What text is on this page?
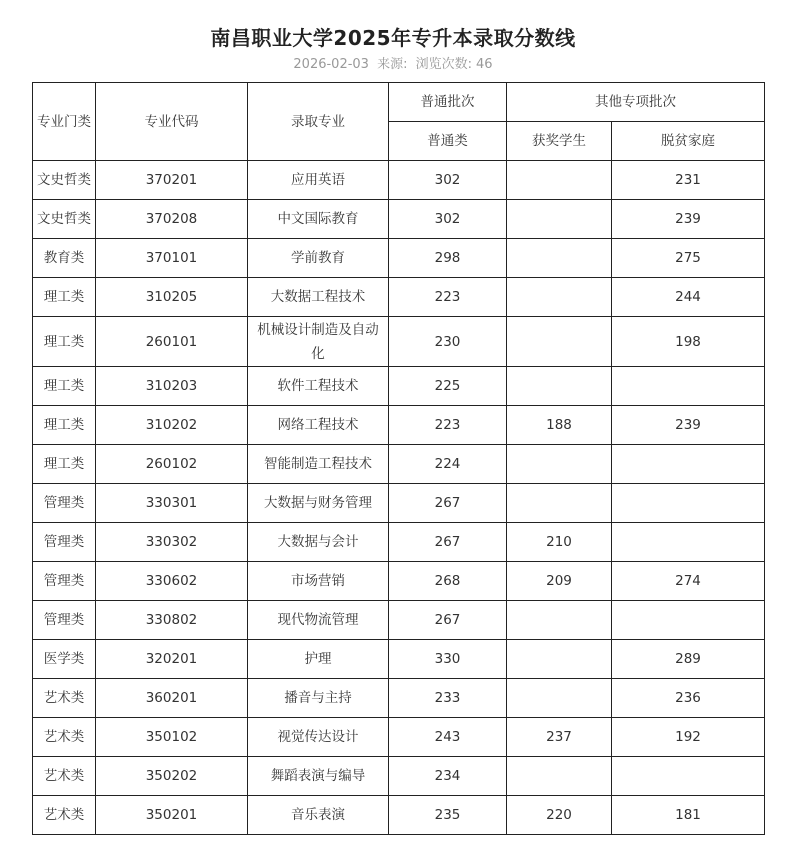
南昌职业大学2025年专升本录取分数线
2026-02-03 来源: 浏览次数: 46
专业门类	专业代码	录取专业	普通批次	其他专项批次	
			普通类	获奖学生	脱贫家庭
文史哲类	370201	应用英语	302		231
文史哲类	370208	中文国际教育	302		239
教育类	370101	学前教育	298		275
理工类	310205	大数据工程技术	223		244
理工类	260101	机械设计制造及自动化	230		198
理工类	310203	软件工程技术	225		
理工类	310202	网络工程技术	223	188	239
理工类	260102	智能制造工程技术	224		
管理类	330301	大数据与财务管理	267		
管理类	330302	大数据与会计	267	210	
管理类	330602	市场营销	268	209	274
管理类	330802	现代物流管理	267		
医学类	320201	护理	330		289
艺术类	360201	播音与主持	233		236
艺术类	350102	视觉传达设计	243	237	192
艺术类	350202	舞蹈表演与编导	234		
艺术类	350201	音乐表演	235	220	181
